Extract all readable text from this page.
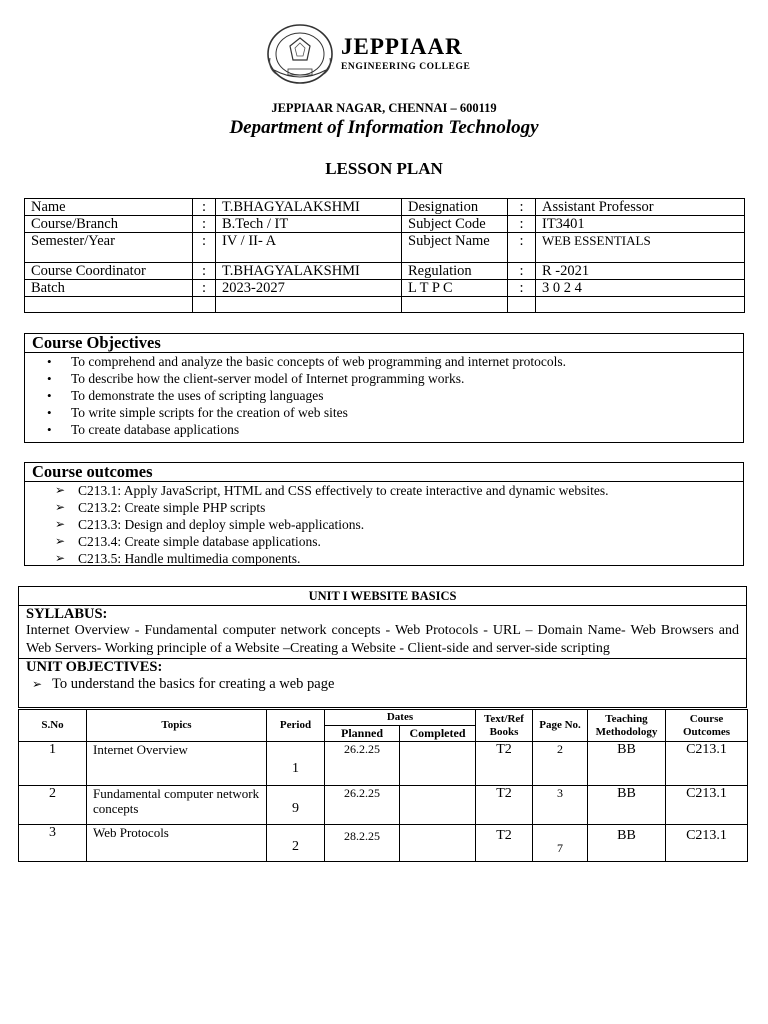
JEPPIAAR
ENGINEERING COLLEGE
JEPPIAAR NAGAR, CHENNAI – 600119
Department of Information Technology
LESSON PLAN
Name	:	T.BHAGYALAKSHMI	Designation	:	Assistant Professor
Course/Branch	:	B.Tech / IT	Subject Code	:	IT3401
Semester/Year	:	IV / II- A	Subject Name	:	WEB ESSENTIALS
Course Coordinator	:	T.BHAGYALAKSHMI	Regulation	:	R -2021
Batch	:	2023-2027	L T P C	:	3 0 2 4

Course Objectives
• To comprehend and analyze the basic concepts of web programming and internet protocols.
• To describe how the client-server model of Internet programming works.
• To demonstrate the uses of scripting languages
• To write simple scripts for the creation of web sites
• To create database applications
Course outcomes
➢ C213.1: Apply JavaScript, HTML and CSS effectively to create interactive and dynamic websites.
➢ C213.2: Create simple PHP scripts
➢ C213.3: Design and deploy simple web-applications.
➢ C213.4: Create simple database applications.
➢ C213.5: Handle multimedia components.
UNIT I WEBSITE BASICS
SYLLABUS:
Internet Overview - Fundamental computer network concepts - Web Protocols - URL – Domain Name- Web Browsers and Web Servers- Working principle of a Website –Creating a Website - Client-side and server-side scripting
UNIT OBJECTIVES:
➢ To understand the basics for creating a web page
S.No	Topics	Period	Dates		Text/Ref Books	Page No.	Teaching Methodology	Course Outcomes
			Planned	Completed				
1	Internet Overview	1	26.2.25		T2	2	BB	C213.1
2	Fundamental computer network concepts	9	26.2.25		T2	3	BB	C213.1
3	Web Protocols	2	28.2.25		T2	7	BB	C213.1
